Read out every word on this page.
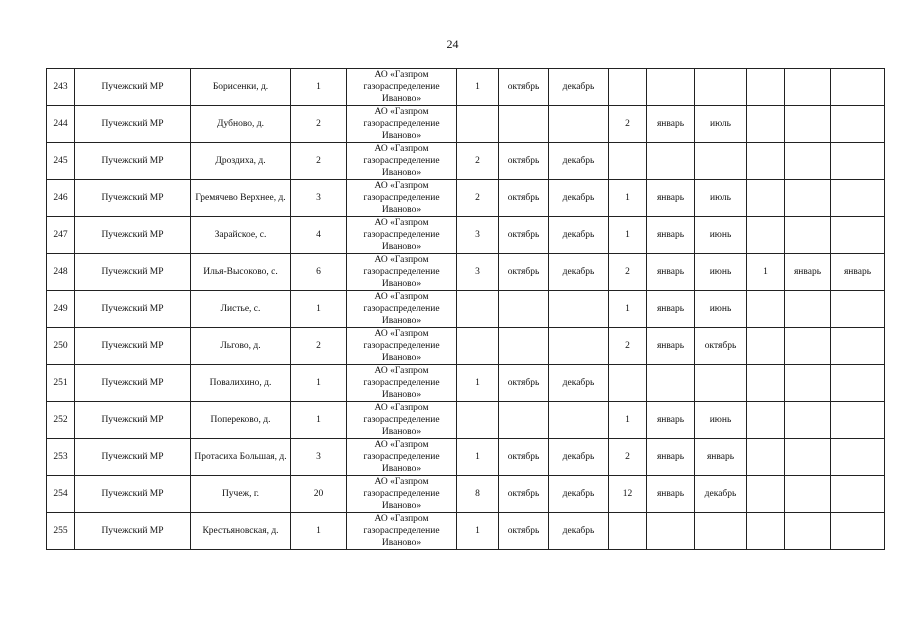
24
243	Пучежский МР	Борисенки, д.	1	АО «Газпром газораспределение Иваново»	1	октябрь	декабрь						
244	Пучежский МР	Дубново, д.	2	АО «Газпром газораспределение Иваново»				2	январь	июль			
245	Пучежский МР	Дроздиха, д.	2	АО «Газпром газораспределение Иваново»	2	октябрь	декабрь						
246	Пучежский МР	Гремячево Верхнее, д.	3	АО «Газпром газораспределение Иваново»	2	октябрь	декабрь	1	январь	июль			
247	Пучежский МР	Зарайское, с.	4	АО «Газпром газораспределение Иваново»	3	октябрь	декабрь	1	январь	июнь			
248	Пучежский МР	Илья-Высоково, с.	6	АО «Газпром газораспределение Иваново»	3	октябрь	декабрь	2	январь	июнь	1	январь	январь
249	Пучежский МР	Листье, с.	1	АО «Газпром газораспределение Иваново»				1	январь	июнь			
250	Пучежский МР	Льгово, д.	2	АО «Газпром газораспределение Иваново»				2	январь	октябрь			
251	Пучежский МР	Повалихино, д.	1	АО «Газпром газораспределение Иваново»	1	октябрь	декабрь						
252	Пучежский МР	Поперековo, д.	1	АО «Газпром газораспределение Иваново»				1	январь	июнь			
253	Пучежский МР	Протасиха Большая, д.	3	АО «Газпром газораспределение Иваново»	1	октябрь	декабрь	2	январь	январь			
254	Пучежский МР	Пучеж, г.	20	АО «Газпром газораспределение Иваново»	8	октябрь	декабрь	12	январь	декабрь			
255	Пучежский МР	Крестьяновская, д.	1	АО «Газпром газораспределение Иваново»	1	октябрь	декабрь						
